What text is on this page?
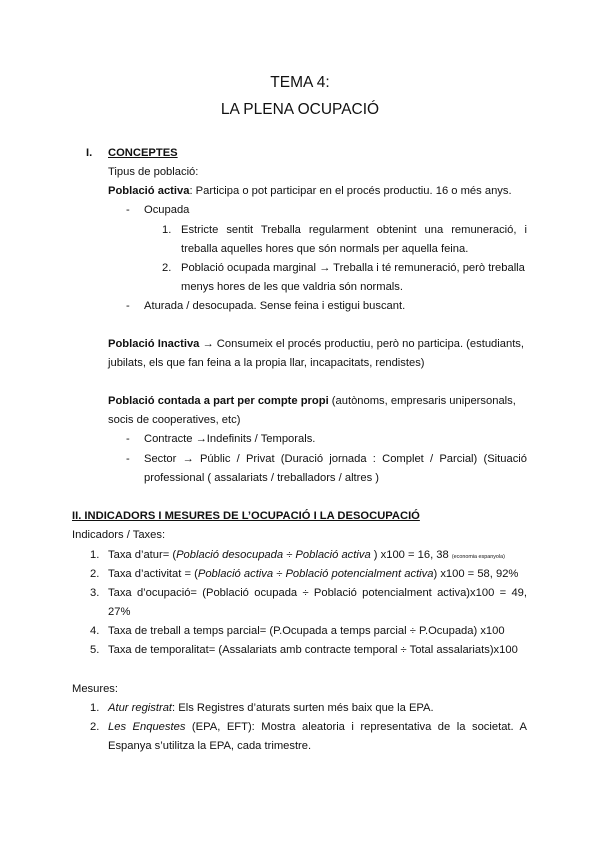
TEMA 4:
LA PLENA OCUPACIÓ
I. CONCEPTES
Tipus de població:
Població activa: Participa o pot participar en el procés productiu. 16 o més anys.
- Ocupada
1. Estricte sentit Treballa regularment obtenint una remuneració, i
treballa aquelles hores que són normals per aquella feina.
2. Població ocupada marginal → Treballa i té remuneració, però treballa
menys hores de les que valdria són normals.
- Aturada / desocupada. Sense feina i estigui buscant.
Població Inactiva → Consumeix el procés productiu, però no participa. (estudiants,
jubilats, els que fan feina a la propia llar, incapacitats, rendistes)
Població contada a part per compte propi (autònoms, empresaris unipersonals,
socis de cooperatives, etc)
- Contracte →Indefinits / Temporals.
- Sector → Públic / Privat (Duració jornada : Complet / Parcial) (Situació
professional ( assalariats / treballadors / altres )
II. INDICADORS I MESURES DE L’OCUPACIÓ I LA DESOCUPACIÓ
Indicadors / Taxes:
1. Taxa d’atur= (Població desocupada ÷ Població activa ) x100 = 16, 38 (economia espanyola)
2. Taxa d’activitat = (Població activa ÷ Població potencialment activa) x100 = 58, 92%
3. Taxa d’ocupació= (Població ocupada ÷ Població potencialment activa)x100 = 49,
27%
4. Taxa de treball a temps parcial= (P.Ocupada a temps parcial ÷ P.Ocupada) x100
5. Taxa de temporalitat= (Assalariats amb contracte temporal ÷ Total assalariats)x100
Mesures:
1. Atur registrat: Els Registres d’aturats surten més baix que la EPA.
2. Les Enquestes (EPA, EFT): Mostra aleatoria i representativa de la societat. A
Espanya s’utilitza la EPA, cada trimestre.
